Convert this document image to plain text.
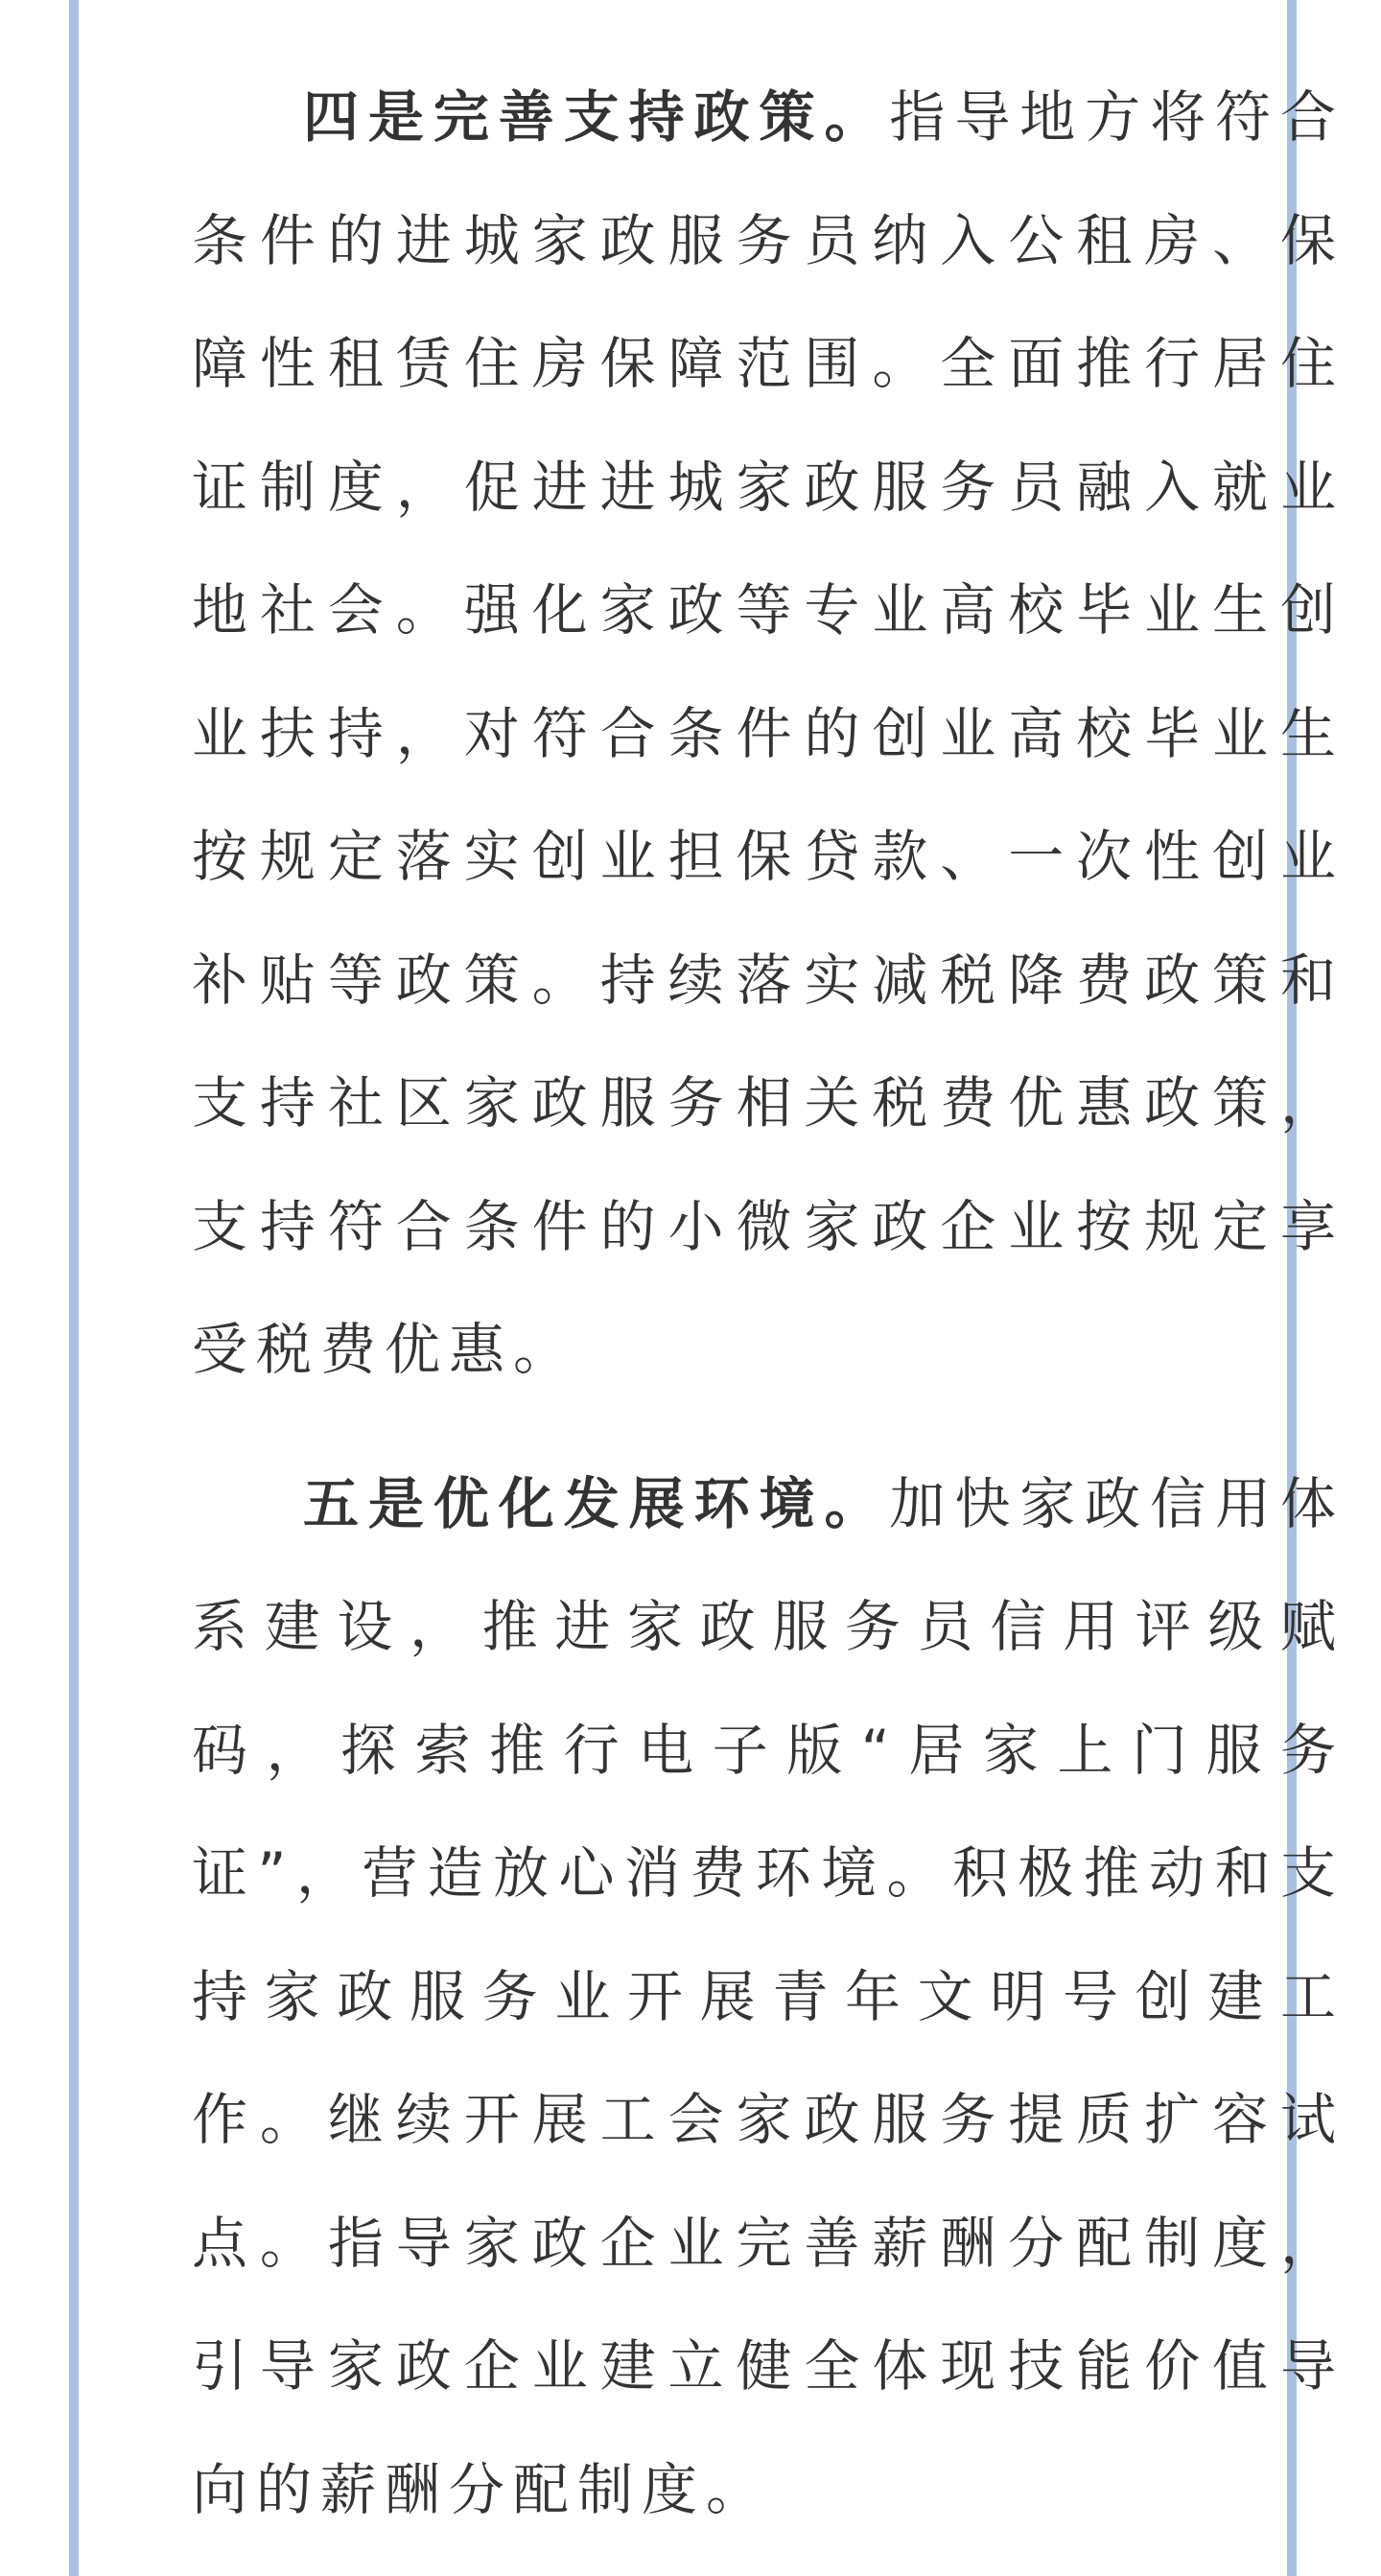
四是完善支持政策。指导地方将符合条件的进城家政服务员纳入公租房、保障性租赁住房保障范围。全面推行居住证制度，促进进城家政服务员融入就业地社会。强化家政等专业高校毕业生创业扶持，对符合条件的创业高校毕业生按规定落实创业担保贷款、一次性创业补贴等政策。持续落实减税降费政策和支持社区家政服务相关税费优惠政策，支持符合条件的小微家政企业按规定享受税费优惠。

五是优化发展环境。加快家政信用体系建设，推进家政服务员信用评级赋码，探索推行电子版“居家上门服务证”，营造放心消费环境。积极推动和支持家政服务业开展青年文明号创建工作。继续开展工会家政服务提质扩容试点。指导家政企业完善薪酬分配制度，引导家政企业建立健全体现技能价值导向的薪酬分配制度。
